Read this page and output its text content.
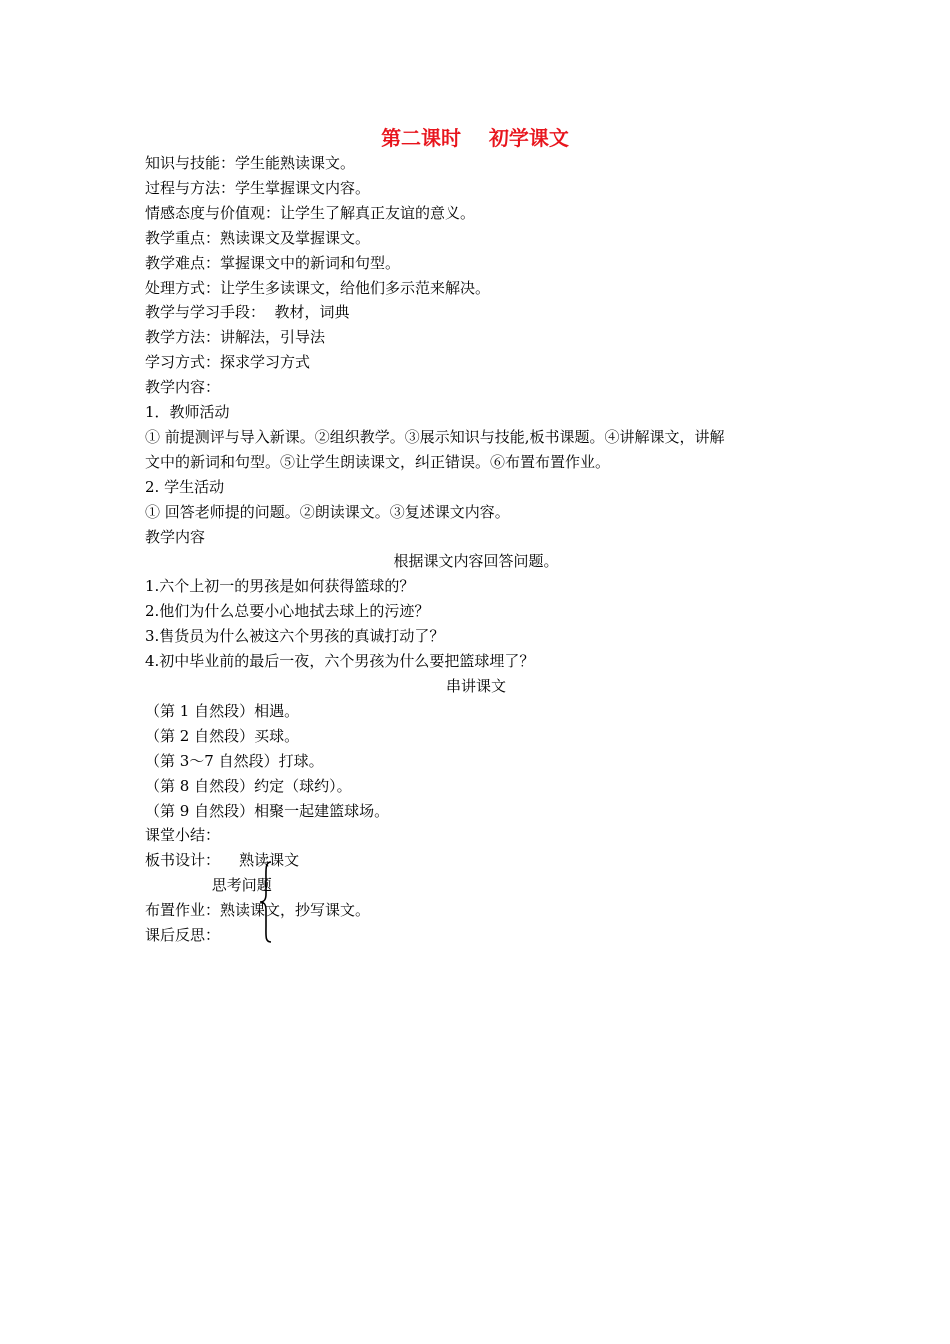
第二课时    初学课文
知识与技能：学生能熟读课文。
过程与方法：学生掌握课文内容。
情感态度与价值观：让学生了解真正友谊的意义。
教学重点：熟读课文及掌握课文。
教学难点：掌握课文中的新词和句型。
处理方式：让学生多读课文，给他们多示范来解决。
教学与学习手段：  教材，词典
教学方法：讲解法，引导法
学习方式：探求学习方式
教学内容：
1．教师活动
① 前提测评与导入新课。②组织教学。③展示知识与技能,板书课题。④讲解课文，讲解
文中的新词和句型。⑤让学生朗读课文，纠正错误。⑥布置布置作业。
2. 学生活动
① 回答老师提的问题。②朗读课文。③复述课文内容。
教学内容
根据课文内容回答问题。
1.六个上初一的男孩是如何获得篮球的？
2.他们为什么总要小心地拭去球上的污迹？
3.售货员为什么被这六个男孩的真诚打动了？
4.初中毕业前的最后一夜，六个男孩为什么要把篮球埋了？
串讲课文
（第 1 自然段）相遇。
（第 2 自然段）买球。
（第 3～7 自然段）打球。
（第 8 自然段）约定（球约）。
（第 9 自然段）相聚一起建篮球场。
课堂小结：
板书设计：    熟读课文
思考问题
布置作业：熟读课文，抄写课文。
课后反思：
